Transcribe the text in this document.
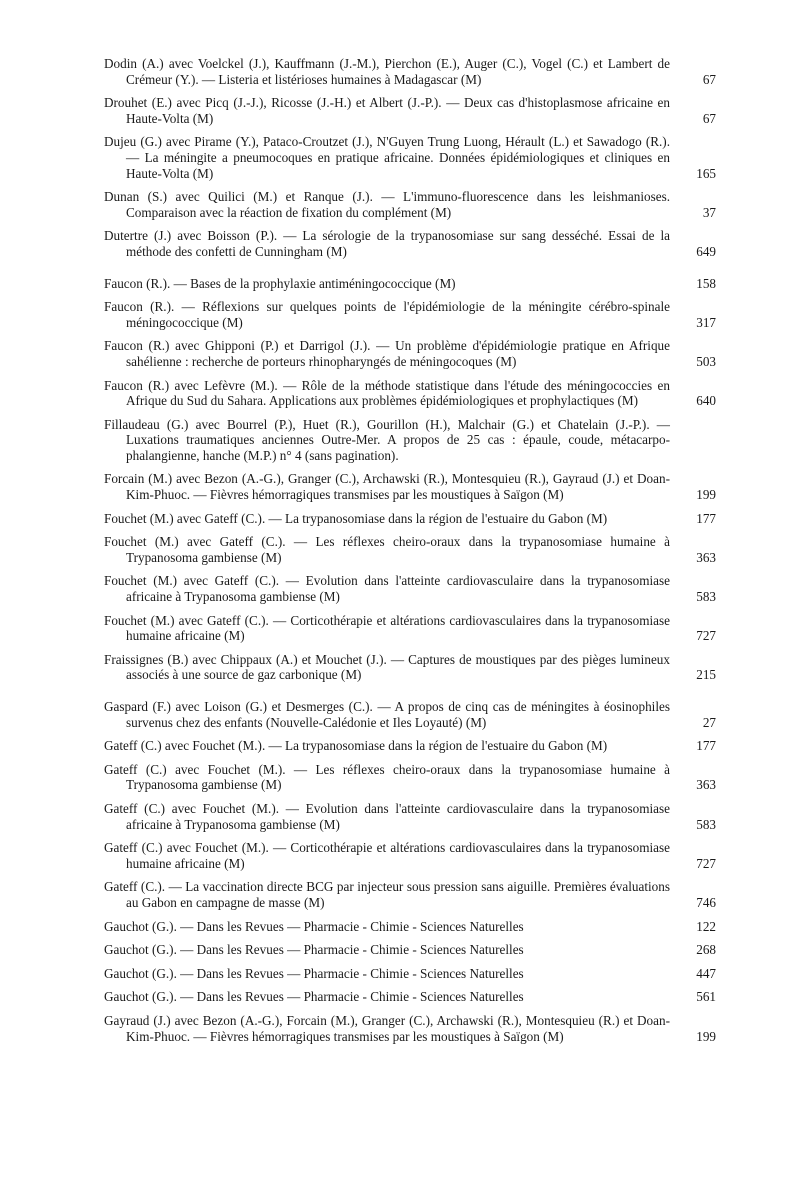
Dodin (A.) avec Voelckel (J.), Kauffmann (J.-M.), Pierchon (E.), Auger (C.), Vogel (C.) et Lambert de Crémeur (Y.). — Listeria et listérioses humaines à Madagascar (M)	67
Drouhet (E.) avec Picq (J.-J.), Ricosse (J.-H.) et Albert (J.-P.). — Deux cas d'histoplasmose africaine en Haute-Volta (M)	67
Dujeu (G.) avec Pirame (Y.), Pataco-Croutzet (J.), N'Guyen Trung Luong, Hérault (L.) et Sawadogo (R.). — La méningite a pneumocoques en pratique africaine. Données épidémiologiques et cliniques en Haute-Volta (M)	165
Dunan (S.) avec Quilici (M.) et Ranque (J.). — L'immuno-fluorescence dans les leishmanioses. Comparaison avec la réaction de fixation du complément (M)	37
Dutertre (J.) avec Boisson (P.). — La sérologie de la trypanosomiase sur sang desséché. Essai de la méthode des confetti de Cunningham (M)	649
Faucon (R.). — Bases de la prophylaxie antiméningococcique (M)	158
Faucon (R.). — Réflexions sur quelques points de l'épidémiologie de la méningite cérébro-spinale méningococcique (M)	317
Faucon (R.) avec Ghipponi (P.) et Darrigol (J.). — Un problème d'épidémiologie pratique en Afrique sahélienne : recherche de porteurs rhinopharyngés de méningocoques (M)	503
Faucon (R.) avec Lefèvre (M.). — Rôle de la méthode statistique dans l'étude des méningococcies en Afrique du Sud du Sahara. Applications aux problèmes épidémiologiques et prophylactiques (M)	640
Fillaudeau (G.) avec Bourrel (P.), Huet (R.), Gourillon (H.), Malchair (G.) et Chatelain (J.-P.). — Luxations traumatiques anciennes Outre-Mer. A propos de 25 cas : épaule, coude, métacarpo-phalangienne, hanche (M.P.) n° 4 (sans pagination).
Forcain (M.) avec Bezon (A.-G.), Granger (C.), Archawski (R.), Montesquieu (R.), Gayraud (J.) et Doan-Kim-Phuoc. — Fièvres hémorragiques transmises par les moustiques à Saïgon (M)	199
Fouchet (M.) avec Gateff (C.). — La trypanosomiase dans la région de l'estuaire du Gabon (M)	177
Fouchet (M.) avec Gateff (C.). — Les réflexes cheiro-oraux dans la trypanosomiase humaine à Trypanosoma gambiense (M)	363
Fouchet (M.) avec Gateff (C.). — Evolution dans l'atteinte cardiovasculaire dans la trypanosomiase africaine à Trypanosoma gambiense (M)	583
Fouchet (M.) avec Gateff (C.). — Corticothérapie et altérations cardiovasculaires dans la trypanosomiase humaine africaine (M)	727
Fraissignes (B.) avec Chippaux (A.) et Mouchet (J.). — Captures de moustiques par des pièges lumineux associés à une source de gaz carbonique (M)	215
Gaspard (F.) avec Loison (G.) et Desmerges (C.). — A propos de cinq cas de méningites à éosinophiles survenus chez des enfants (Nouvelle-Calédonie et Iles Loyauté) (M)	27
Gateff (C.) avec Fouchet (M.). — La trypanosomiase dans la région de l'estuaire du Gabon (M)	177
Gateff (C.) avec Fouchet (M.). — Les réflexes cheiro-oraux dans la trypanosomiase humaine à Trypanosoma gambiense (M)	363
Gateff (C.) avec Fouchet (M.). — Evolution dans l'atteinte cardiovasculaire dans la trypanosomiase africaine à Trypanosoma gambiense (M)	583
Gateff (C.) avec Fouchet (M.). — Corticothérapie et altérations cardiovasculaires dans la trypanosomiase humaine africaine (M)	727
Gateff (C.). — La vaccination directe BCG par injecteur sous pression sans aiguille. Premières évaluations au Gabon en campagne de masse (M)	746
Gauchot (G.). — Dans les Revues — Pharmacie - Chimie - Sciences Naturelles	122
Gauchot (G.). — Dans les Revues — Pharmacie - Chimie - Sciences Naturelles	268
Gauchot (G.). — Dans les Revues — Pharmacie - Chimie - Sciences Naturelles	447
Gauchot (G.). — Dans les Revues — Pharmacie - Chimie - Sciences Naturelles	561
Gayraud (J.) avec Bezon (A.-G.), Forcain (M.), Granger (C.), Archawski (R.), Montesquieu (R.) et Doan-Kim-Phuoc. — Fièvres hémorragiques transmises par les moustiques à Saïgon (M)	199
